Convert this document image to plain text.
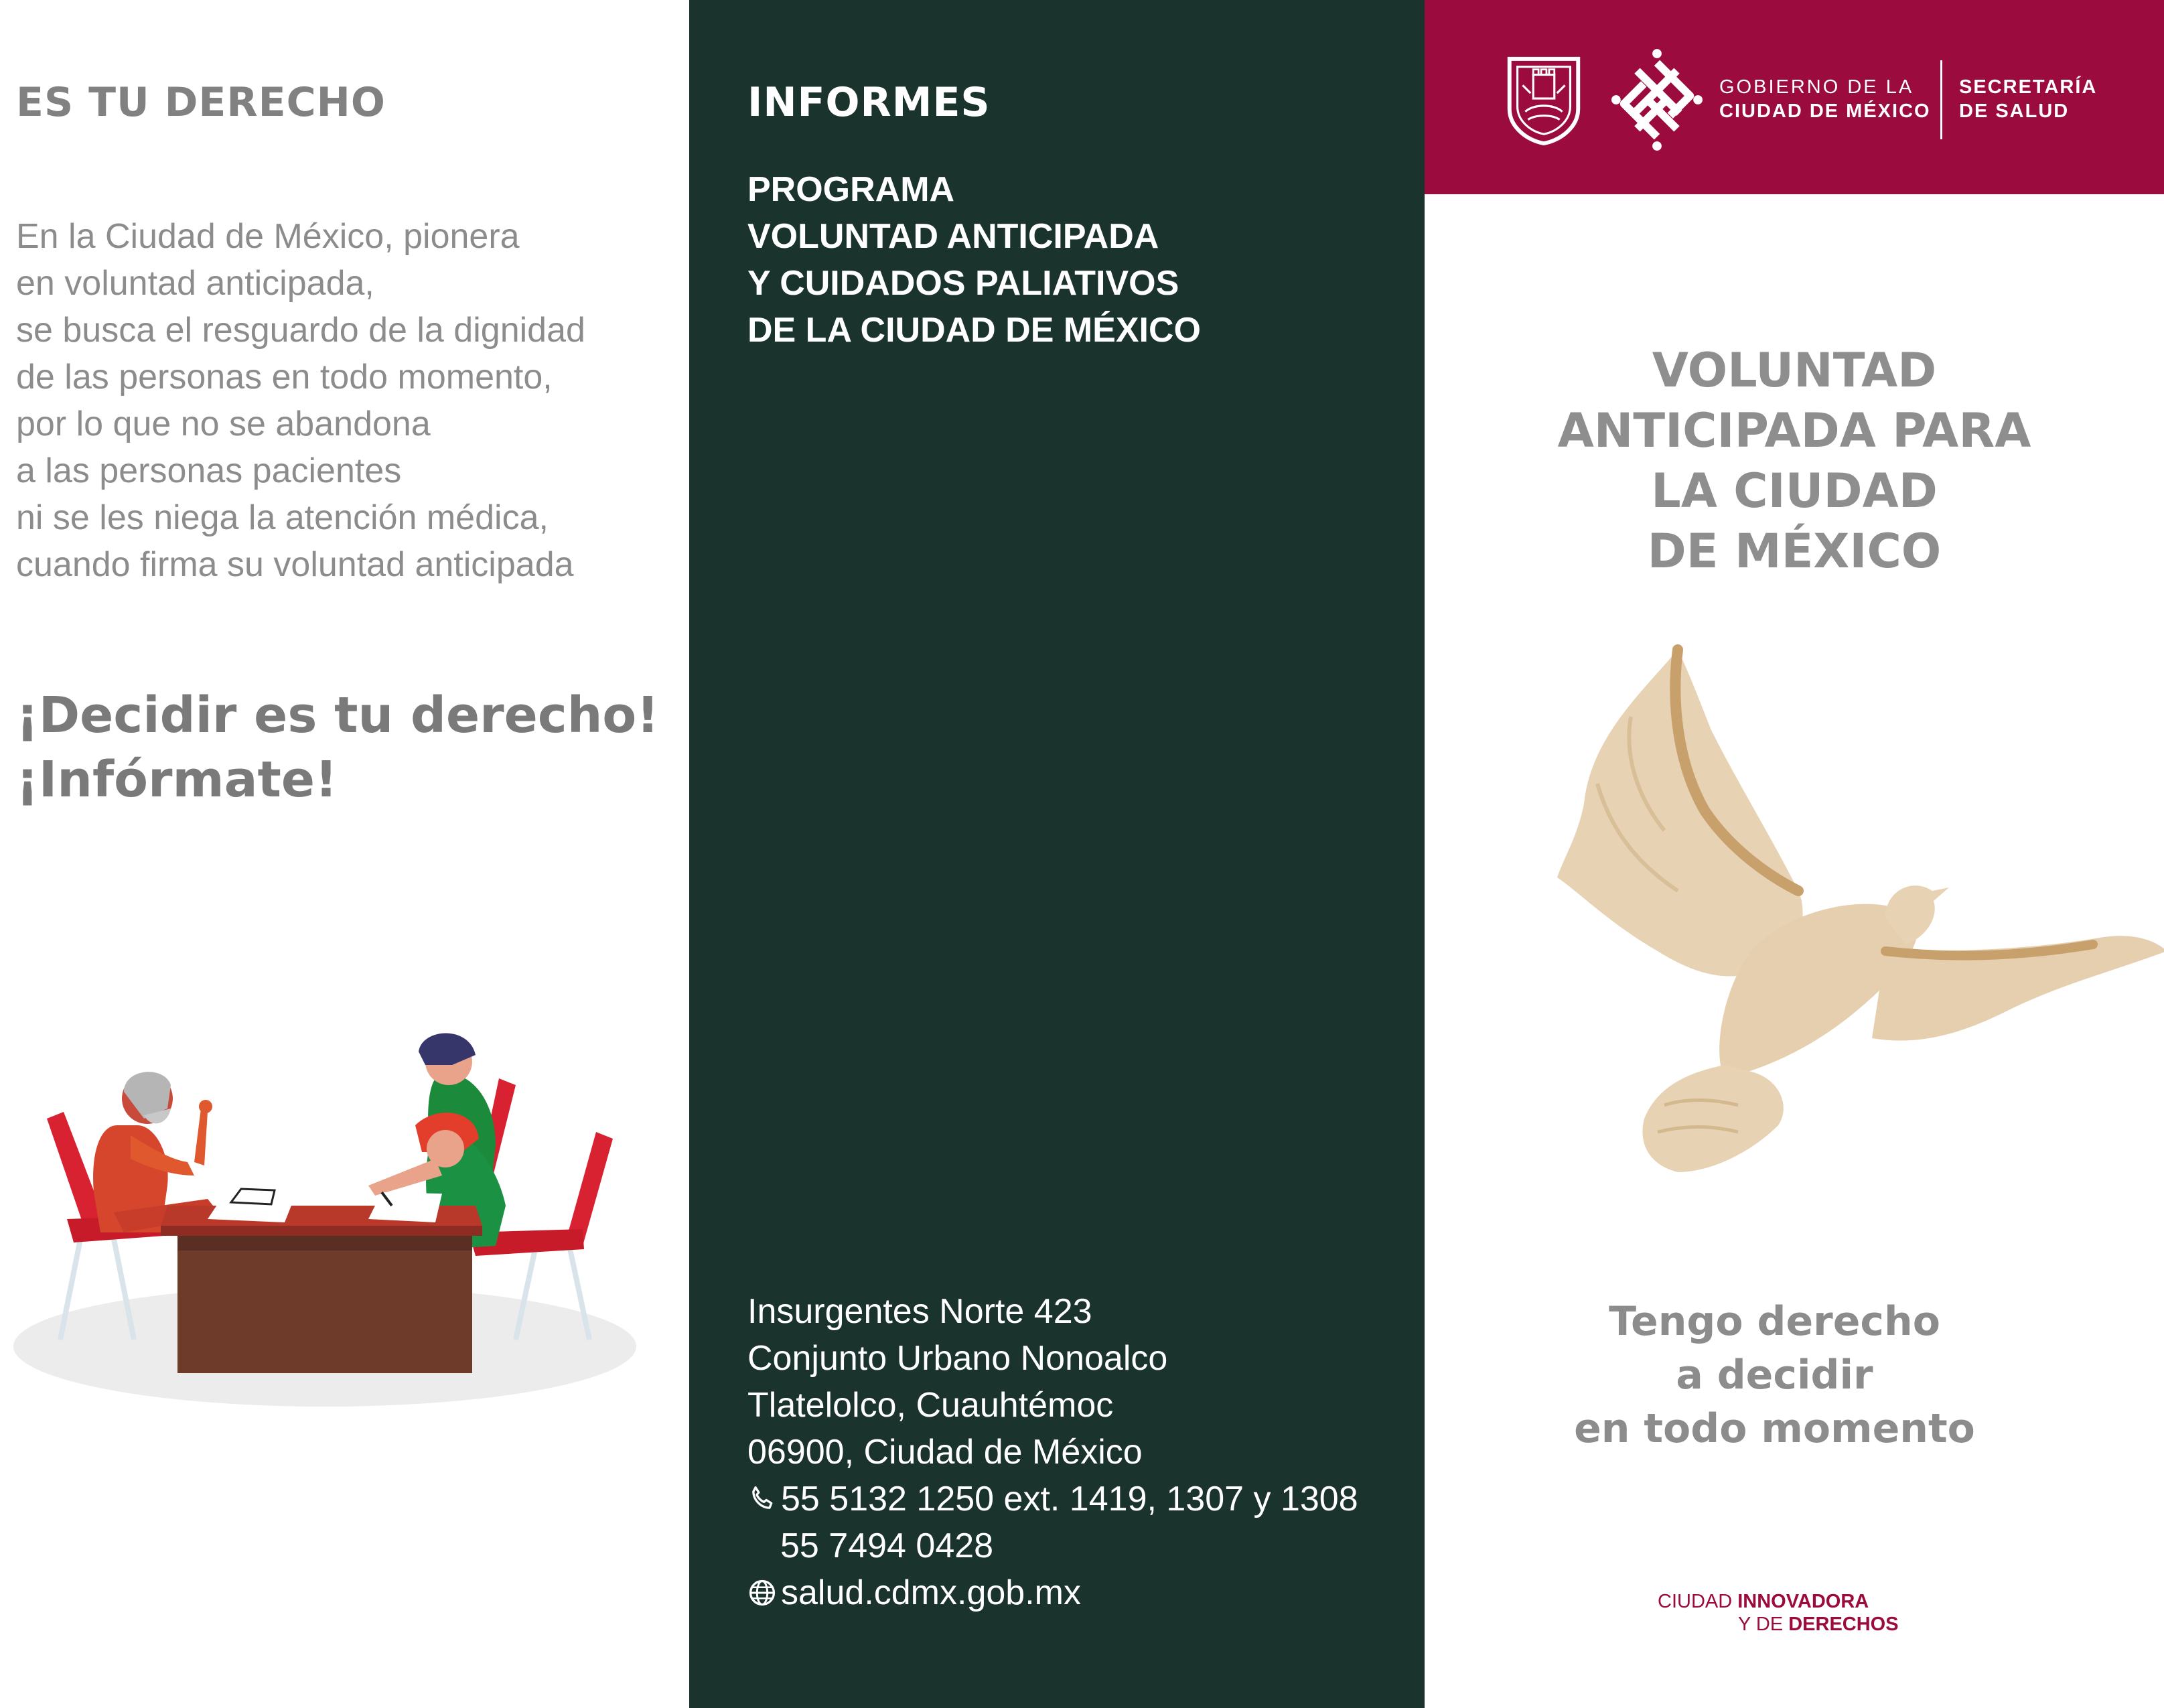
ES TU DERECHO
En la Ciudad de México, pionera
en voluntad anticipada,
se busca el resguardo de la dignidad
de las personas en todo momento,
por lo que no se abandona
a las personas pacientes
ni se les niega la atención médica,
cuando firma su voluntad anticipada
¡Decidir es tu derecho!
¡Infórmate!
INFORMES
PROGRAMA
VOLUNTAD ANTICIPADA
Y CUIDADOS PALIATIVOS
DE LA CIUDAD DE MÉXICO
Insurgentes Norte 423
Conjunto Urbano Nonoalco
Tlatelolco, Cuauhtémoc
06900, Ciudad de México
55 5132 1250 ext. 1419, 1307 y 1308
55 7494 0428
salud.cdmx.gob.mx
GOBIERNO DE LA
CIUDAD DE MÉXICO
SECRETARÍA
DE SALUD
VOLUNTAD
ANTICIPADA PARA
LA CIUDAD
DE MÉXICO
Tengo derecho
a decidir
en todo momento
CIUDAD INNOVADORA
Y DE DERECHOS
